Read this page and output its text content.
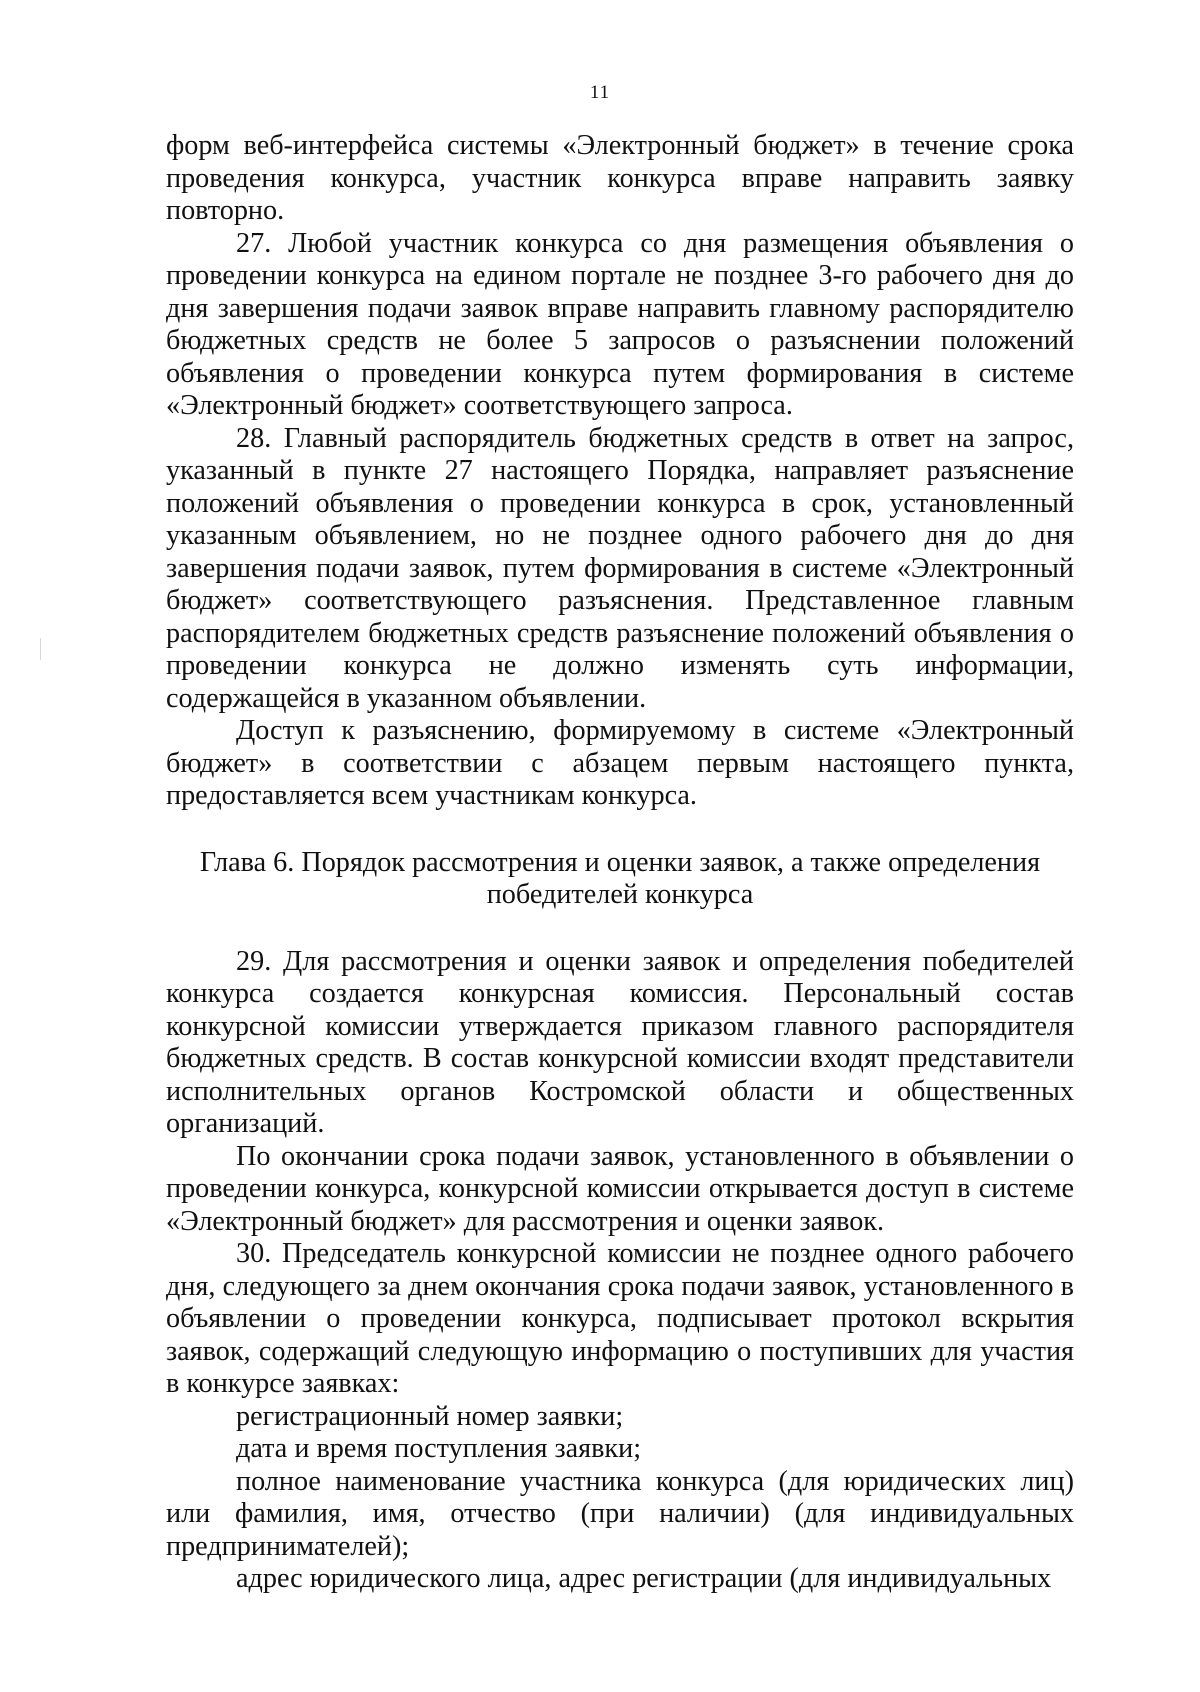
11

форм веб-интерфейса системы «Электронный бюджет» в течение срока проведения конкурса, участник конкурса вправе направить заявку повторно.

27. Любой участник конкурса со дня размещения объявления о проведении конкурса на едином портале не позднее 3-го рабочего дня до дня завершения подачи заявок вправе направить главному распорядителю бюджетных средств не более 5 запросов о разъяснении положений объявления о проведении конкурса путем формирования в системе «Электронный бюджет» соответствующего запроса.

28. Главный распорядитель бюджетных средств в ответ на запрос, указанный в пункте 27 настоящего Порядка, направляет разъяснение положений объявления о проведении конкурса в срок, установленный указанным объявлением, но не позднее одного рабочего дня до дня завершения подачи заявок, путем формирования в системе «Электронный бюджет» соответствующего разъяснения. Представленное главным распорядителем бюджетных средств разъяснение положений объявления о проведении конкурса не должно изменять суть информации, содержащейся в указанном объявлении.

Доступ к разъяснению, формируемому в системе «Электронный бюджет» в соответствии с абзацем первым настоящего пункта, предоставляется всем участникам конкурса.

Глава 6. Порядок рассмотрения и оценки заявок, а также определения победителей конкурса

29. Для рассмотрения и оценки заявок и определения победителей конкурса создается конкурсная комиссия. Персональный состав конкурсной комиссии утверждается приказом главного распорядителя бюджетных средств. В состав конкурсной комиссии входят представители исполнительных органов Костромской области и общественных организаций.

По окончании срока подачи заявок, установленного в объявлении о проведении конкурса, конкурсной комиссии открывается доступ в системе «Электронный бюджет» для рассмотрения и оценки заявок.

30. Председатель конкурсной комиссии не позднее одного рабочего дня, следующего за днем окончания срока подачи заявок, установленного в объявлении о проведении конкурса, подписывает протокол вскрытия заявок, содержащий следующую информацию о поступивших для участия в конкурсе заявках:

регистрационный номер заявки;

дата и время поступления заявки;

полное наименование участника конкурса (для юридических лиц) или фамилия, имя, отчество (при наличии) (для индивидуальных предпринимателей);

адрес юридического лица, адрес регистрации (для индивидуальных
